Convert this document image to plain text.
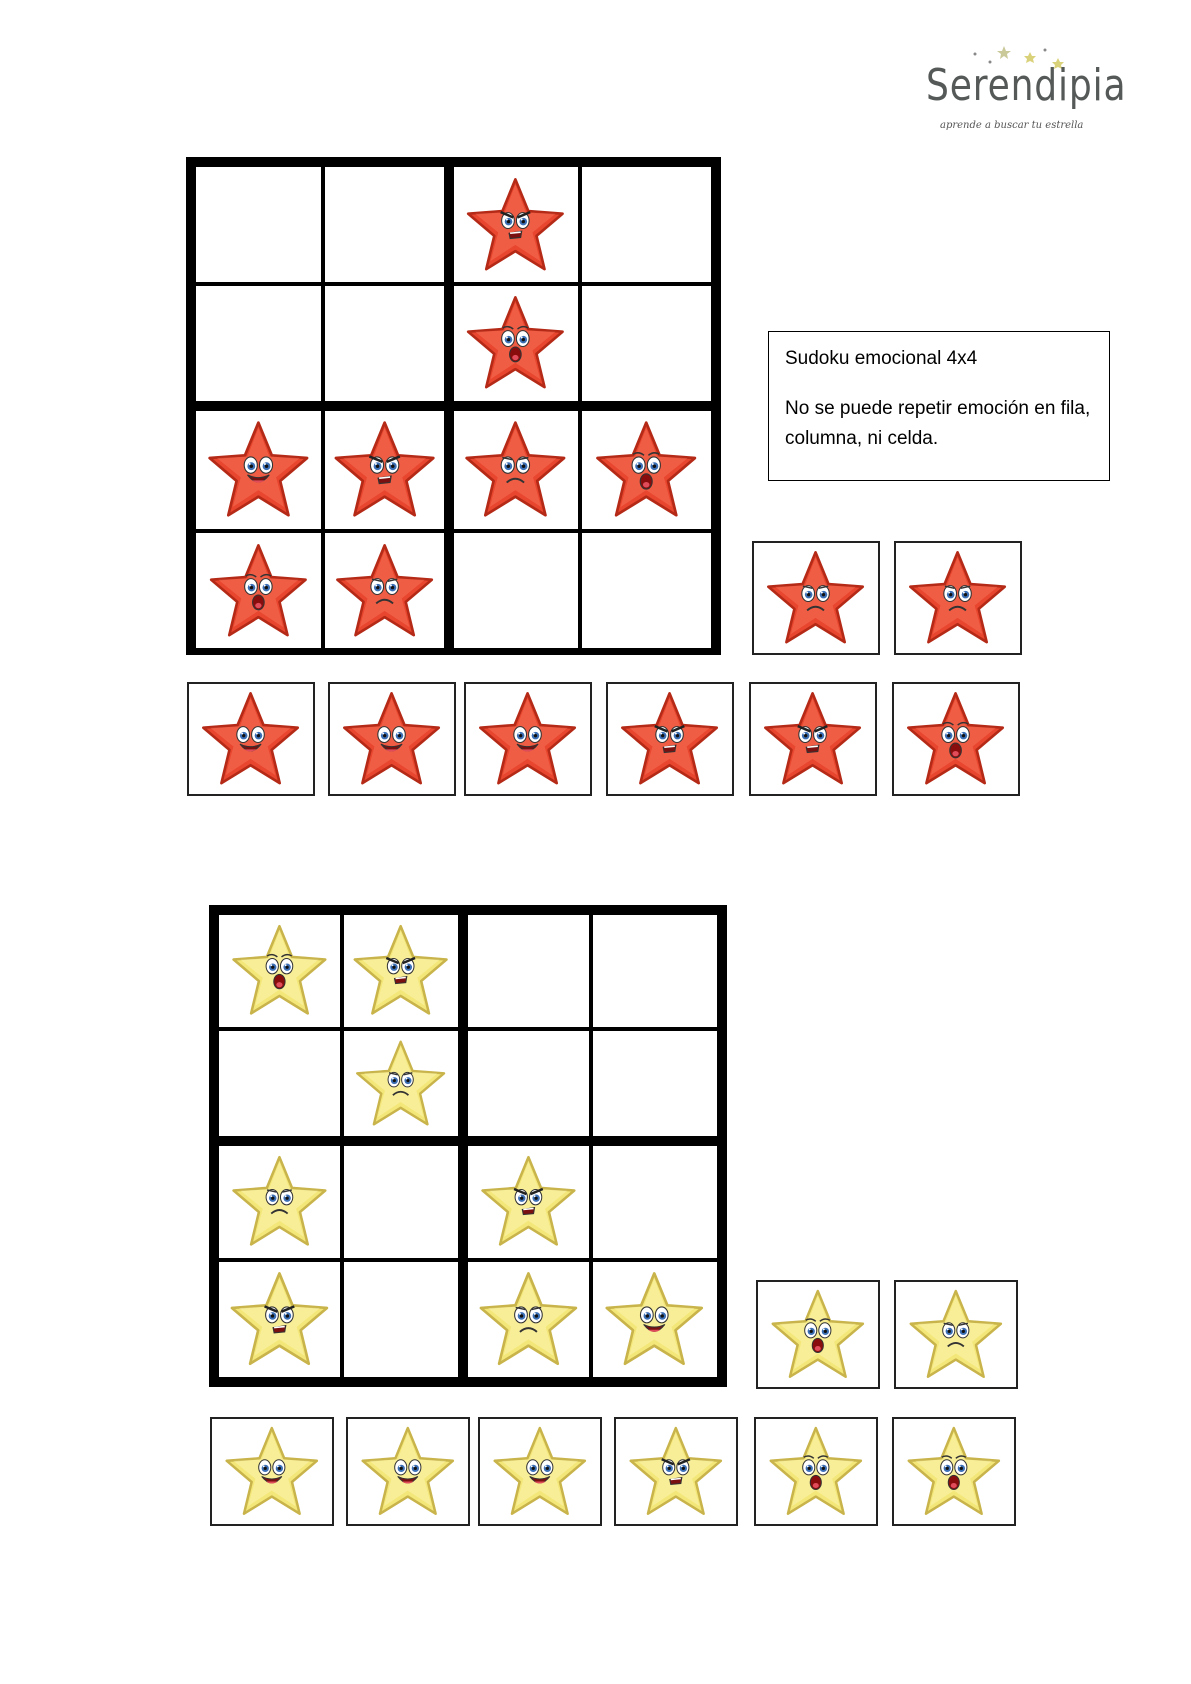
Serendipia
aprende a buscar tu estrella

Sudoku emocional 4x4

No se puede repetir emoción en fila, columna, ni celda.
